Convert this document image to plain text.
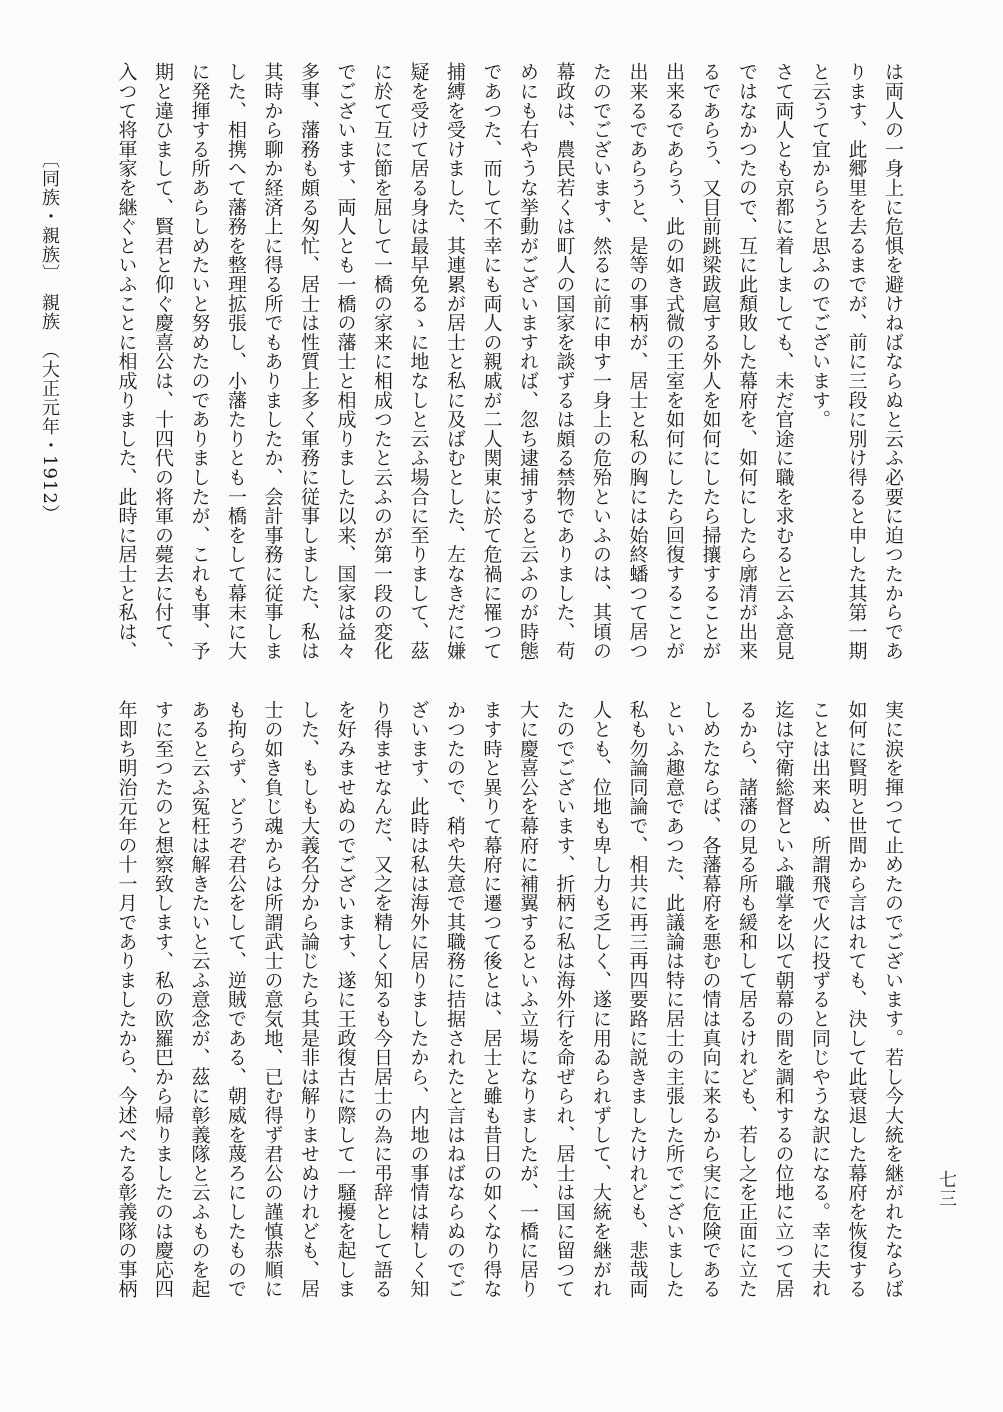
は両人の一身上に危惧を避けねばならぬと云ふ必要に迫つたからであ

ります、此郷里を去るまでが、前に三段に別け得ると申した其第一期

と云うて宜からうと思ふのでございます。

さて両人とも京都に着しましても、未だ官途に職を求むると云ふ意見

ではなかつたので、互に此頽敗した幕府を、如何にしたら廓清が出来

るであらう、又目前跳梁跋扈する外人を如何にしたら掃攘することが

出来るであらう、此の如き式微の王室を如何にしたら回復することが

出来るであらうと、是等の事柄が、居士と私の胸には始終蟠つて居つ

たのでございます、然るに前に申す一身上の危殆といふのは、其頃の

幕政は、農民若くは町人の国家を談ずるは頗る禁物でありました、苟

めにも右やうな挙動がございますれば、忽ち逮捕すると云ふのが時態

であつた、而して不幸にも両人の親戚が二人関東に於て危禍に罹つて

捕縛を受けました、其連累が居士と私に及ばむとした、左なきだに嫌

疑を受けて居る身は最早免るゝに地なしと云ふ場合に至りまして、茲

に於て互に節を屈して一橋の家来に相成つたと云ふのが第一段の変化

でございます、両人とも一橋の藩士と相成りました以来、国家は益々

多事、藩務も頗る匆忙、居士は性質上多く軍務に従事しました、私は

其時から聊か経済上に得る所でもありましたか、会計事務に従事しま

した、相携へて藩務を整理拡張し、小藩たりとも一橋をして幕末に大

に発揮する所あらしめたいと努めたのでありましたが、これも事、予

期と違ひまして、賢君と仰ぐ慶喜公は、十四代の将軍の薨去に付て、

入つて将軍家を継ぐといふことに相成りました、此時に居士と私は、

実に涙を揮つて止めたのでございます。若し今大統を継がれたならば

如何に賢明と世間から言はれても、決して此衰退した幕府を恢復する

ことは出来ぬ、所謂飛で火に投ずると同じやうな訳になる。幸に夫れ

迄は守衛総督といふ職掌を以て朝幕の間を調和するの位地に立つて居

るから、諸藩の見る所も緩和して居るけれども、若し之を正面に立た

しめたならば、各藩幕府を悪むの情は真向に来るから実に危険である

といふ趣意であつた、此議論は特に居士の主張した所でございました

私も勿論同論で、相共に再三再四要路に説きましたけれども、悲哉両

人とも、位地も卑し力も乏しく、遂に用ゐられずして、大統を継がれ

たのでございます、折柄に私は海外行を命ぜられ、居士は国に留つて

大に慶喜公を幕府に補翼するといふ立場になりましたが、一橋に居り

ます時と異りて幕府に遷つて後とは、居士と雖も昔日の如くなり得な

かつたので、稍や失意で其職務に拮据されたと言はねばならぬのでご

ざいます、此時は私は海外に居りましたから、内地の事情は精しく知

り得ませなんだ、又之を精しく知るも今日居士の為に弔辞として語る

を好みませぬのでございます、遂に王政復古に際して一騒擾を起しま

した、もしも大義名分から論じたら其是非は解りませぬけれども、居

士の如き負じ魂からは所謂武士の意気地、已む得ず君公の謹慎恭順に

も拘らず、どうぞ君公をして、逆賊である、朝威を蔑ろにしたもので

あると云ふ冤枉は解きたいと云ふ意念が、茲に彰義隊と云ふものを起

すに至つたのと想察致します、私の欧羅巴から帰りましたのは慶応四

年即ち明治元年の十一月でありましたから、今述べたる彰義隊の事柄

〔同族・親族〕　親族　（大正元年・1912）
七三
